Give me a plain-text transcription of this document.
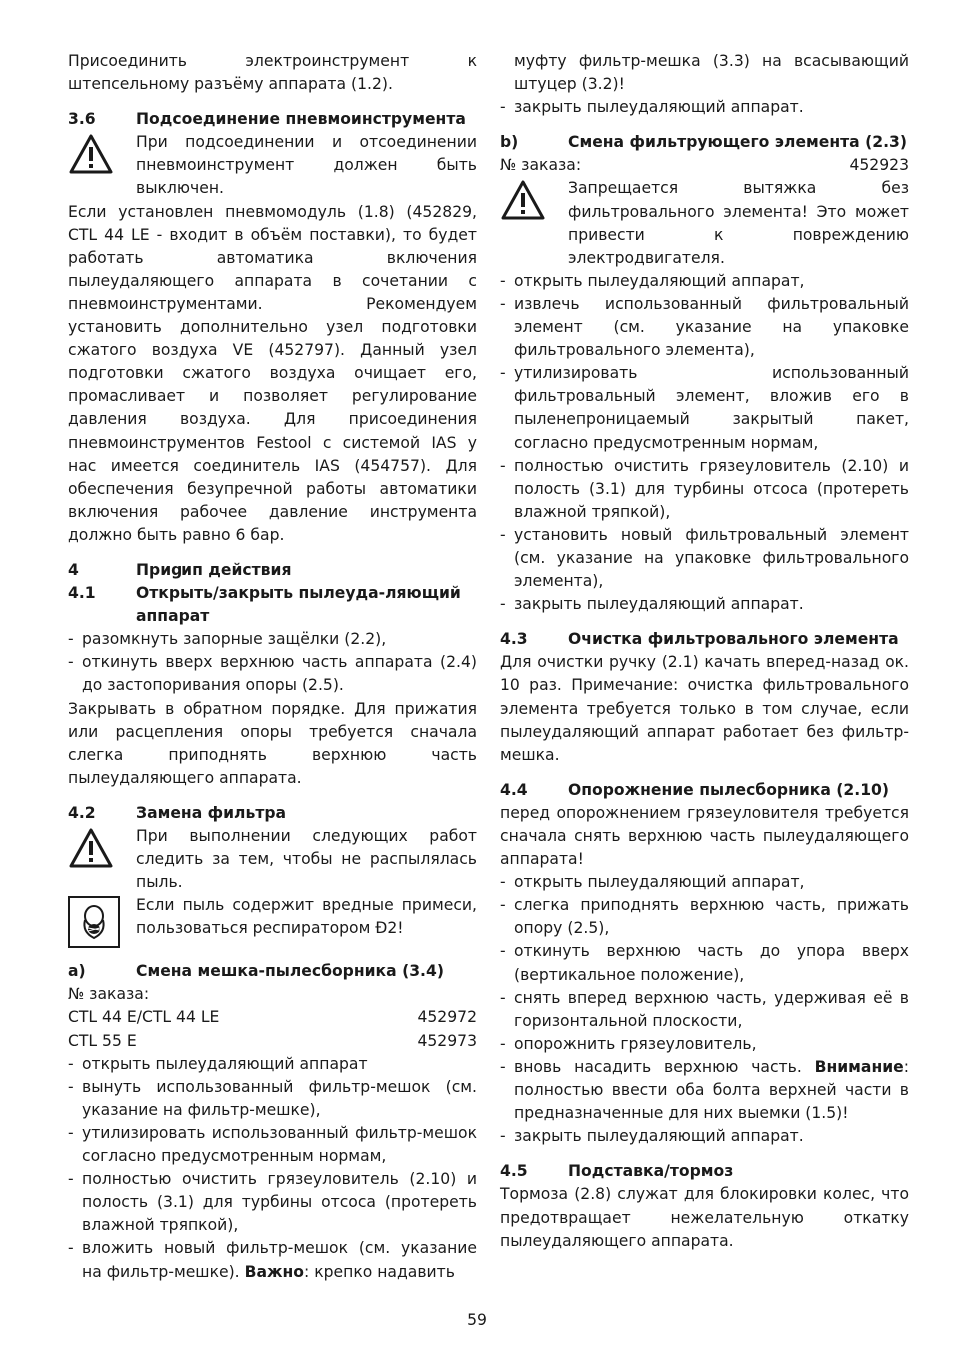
Присоединить электроинструмент к штепсельному разъёму аппарата (1.2).

3.6	Подсоединение пневмоинструмента

При подсоединении и отсоединении пневмоинструмент должен быть выключен.

Если установлен пневмомодуль (1.8) (452829, CTL 44 LE - входит в объём поставки), то будет работать автоматика включения пылеудаляющего аппарата в сочетании с пневмоинструментами. Рекомендуем установить дополнительно узел подготовки сжатого воздуха VE (452797). Данный узел подготовки сжатого воздуха очищает его, промасливает и позволяет регулирование давления воздуха. Для присоединения пневмоинструментов Festool с системой IAS у нас имеется соединитель IAS (454757). Для обеспечения безупречной работы автоматики включения рабочее давление инструмента должно быть равно 6 бар.

4	Приցип действия
4.1	Открыть/закрыть пылеуда-ляющий аппарат
- разомкнуть запорные защёлки (2.2),
- откинуть вверх верхнюю часть аппарата (2.4) до застопоривания опоры (2.5).

Закрывать в обратном порядке. Для прижатия или расцепления опоры требуется сначала слегка приподнять верхнюю часть пылеудаляющего аппарата.

4.2	Замена фильтра

При выполнении следующих работ следить за тем, чтобы не распылялась пыль.

Если пыль содержит вредные примеси, пользоваться респиратором Ð2!

a)	Смена мешка-пылесборника (3.4)

№ заказа:

CTL 44 E/CTL 44 LE	452972
CTL 55 E	452973
- открыть пылеудаляющий аппарат
- вынуть использованный фильтр-мешок (см. указание на фильтр-мешке),
- утилизировать использованный фильтр-мешок согласно предусмотренным нормам,
- полностью очистить грязеуловитель (2.10) и полость (3.1) для турбины отсоса (протереть влажной тряпкой),
- вложить новый фильтр-мешок (см. указание на фильтр-мешке). Важно: крепко надавить
муфту фильтр-мешка (3.3) на всасывающий штуцер (3.2)!
- закрыть пылеудаляющий аппарат.
b)	Смена фильтрующего элемента (2.3)
№ заказа:	452923

Запрещается вытяжка без фильтровального элемента! Это может привести к повреждению электродвигателя.

- открыть пылеудаляющий аппарат,
- извлечь использованный фильтровальный элемент (см. указание на упаковке фильтровального элемента),
- утилизировать использованный фильтровальный элемент, вложив его в пыленепроницаемый закрытый пакет, согласно предусмотренным нормам,
- полностью очистить грязеуловитель (2.10) и полость (3.1) для турбины отсоса (протереть влажной тряпкой),
- установить новый фильтровальный элемент (см. указание на упаковке фильтровального элемента),
- закрыть пылеудаляющий аппарат.
4.3	Очистка фильтровального элемента

Для очистки ручку (2.1) качать вперед-назад ок. 10 раз. Примечание: очистка фильтровального элемента требуется только в том случае, если пылеудаляющий аппарат работает без фильтр-мешка.

4.4	Опорожнение пылесборника (2.10)

перед опорожнением грязеуловителя требуется сначала снять верхнюю часть пылеудаляющего аппарата!

- открыть пылеудаляющий аппарат,
- слегка приподнять верхнюю часть, прижать опору (2.5),
- откинуть верхнюю часть до упора вверх (вертикальное положение),
- снять вперед верхнюю часть, удерживая её в горизонтальной плоскости,
- опорожнить грязеуловитель,
- вновь насадить верхнюю часть. Внимание: полностью ввести оба болта верхней части в предназначенные для них выемки (1.5)!
- закрыть пылеудаляющий аппарат.
4.5	Подставка/тормоз

Тормоза (2.8) служат для блокировки колес, что предотвращает нежелательную откатку пылеудаляющего аппарата.

59
